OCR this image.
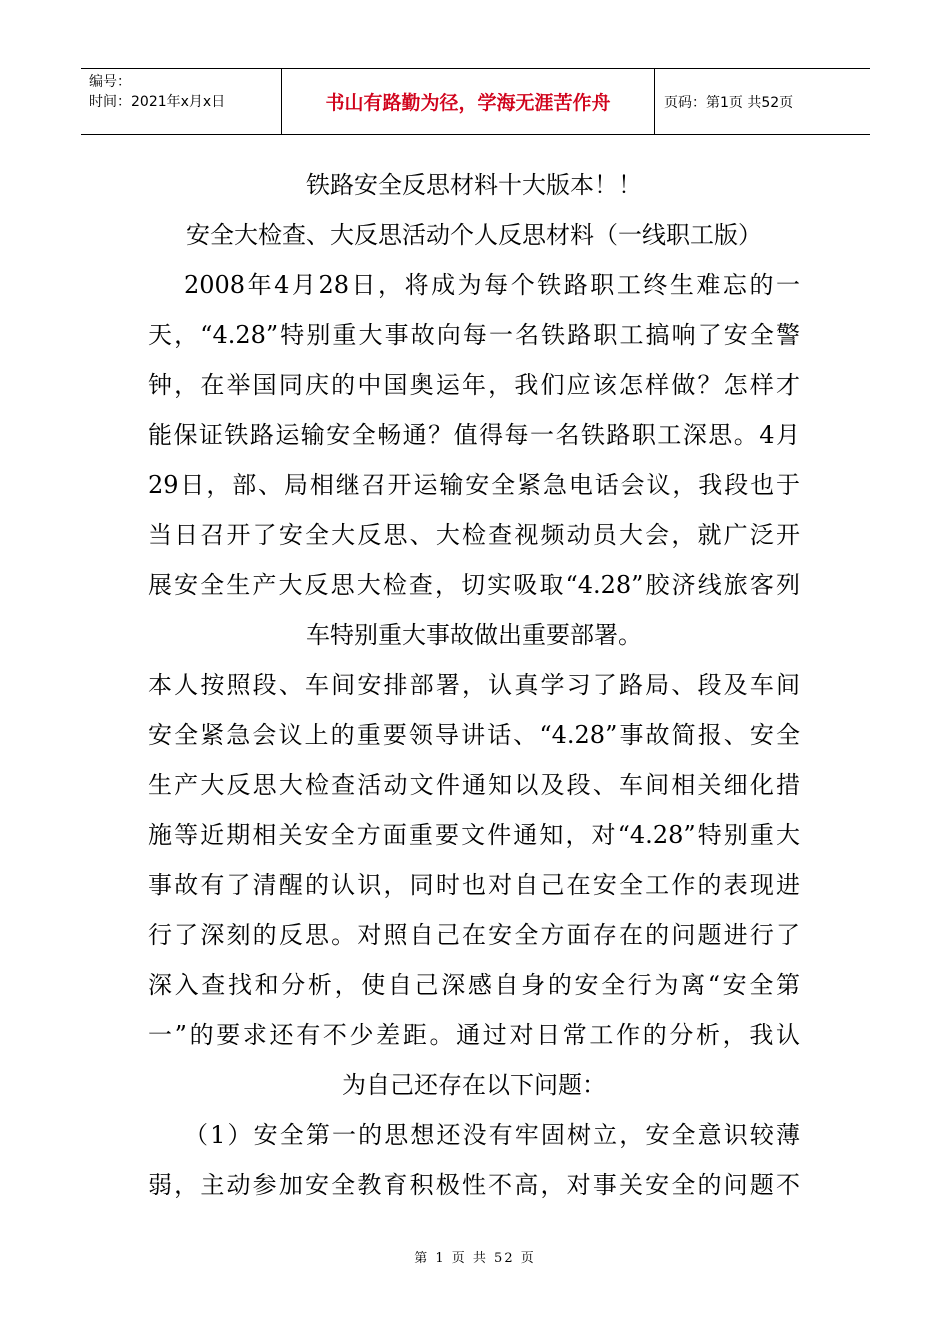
编号：
时间：2021年x月x日	书山有路勤为径，学海无涯苦作舟	页码：第1页 共52页
铁路安全反思材料十大版本！！
安全大检查、大反思活动个人反思材料（一线职工版）
2008年4月28日，将成为每个铁路职工终生难忘的一
天，“4.28”特别重大事故向每一名铁路职工搞响了安全警
钟，在举国同庆的中国奥运年，我们应该怎样做？怎样才
能保证铁路运输安全畅通？值得每一名铁路职工深思。4月
29日，部、局相继召开运输安全紧急电话会议，我段也于
当日召开了安全大反思、大检查视频动员大会，就广泛开
展安全生产大反思大检查，切实吸取“4.28”胶济线旅客列
车特别重大事故做出重要部署。
本人按照段、车间安排部署，认真学习了路局、段及车间
安全紧急会议上的重要领导讲话、“4.28”事故简报、安全
生产大反思大检查活动文件通知以及段、车间相关细化措
施等近期相关安全方面重要文件通知，对“4.28”特别重大
事故有了清醒的认识，同时也对自己在安全工作的表现进
行了深刻的反思。对照自己在安全方面存在的问题进行了
深入查找和分析，使自己深感自身的安全行为离“安全第
一”的要求还有不少差距。通过对日常工作的分析，我认
为自己还存在以下问题：
（1）安全第一的思想还没有牢固树立，安全意识较薄
弱，主动参加安全教育积极性不高，对事关安全的问题不
第 1 页 共 52 页
